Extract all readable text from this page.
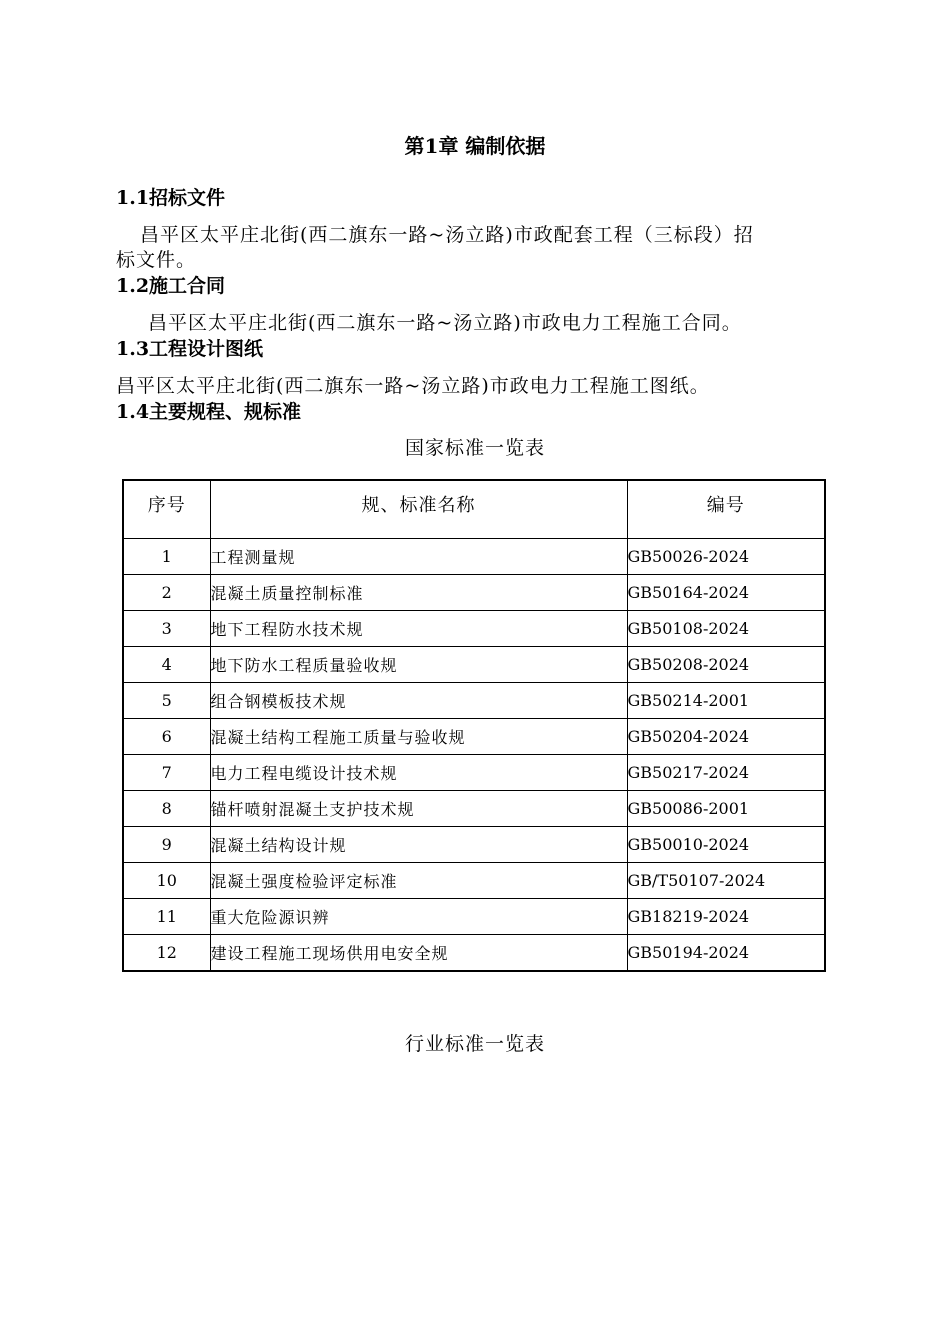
第1章 编制依据
1.1招标文件
昌平区太平庄北街(西二旗东一路~汤立路)市政配套工程（三标段）招
标文件。
1.2施工合同
昌平区太平庄北街(西二旗东一路~汤立路)市政电力工程施工合同。
1.3工程设计图纸
昌平区太平庄北街(西二旗东一路~汤立路)市政电力工程施工图纸。
1.4主要规程、规标准
国家标准一览表
序号	规、标准名称	编号
1	工程测量规	GB50026-2024
2	混凝土质量控制标准	GB50164-2024
3	地下工程防水技术规	GB50108-2024
4	地下防水工程质量验收规	GB50208-2024
5	组合钢模板技术规	GB50214-2001
6	混凝土结构工程施工质量与验收规	GB50204-2024
7	电力工程电缆设计技术规	GB50217-2024
8	锚杆喷射混凝土支护技术规	GB50086-2001
9	混凝土结构设计规	GB50010-2024
10	混凝土强度检验评定标准	GB/T50107-2024
11	重大危险源识辨	GB18219-2024
12	建设工程施工现场供用电安全规	GB50194-2024
行业标准一览表
